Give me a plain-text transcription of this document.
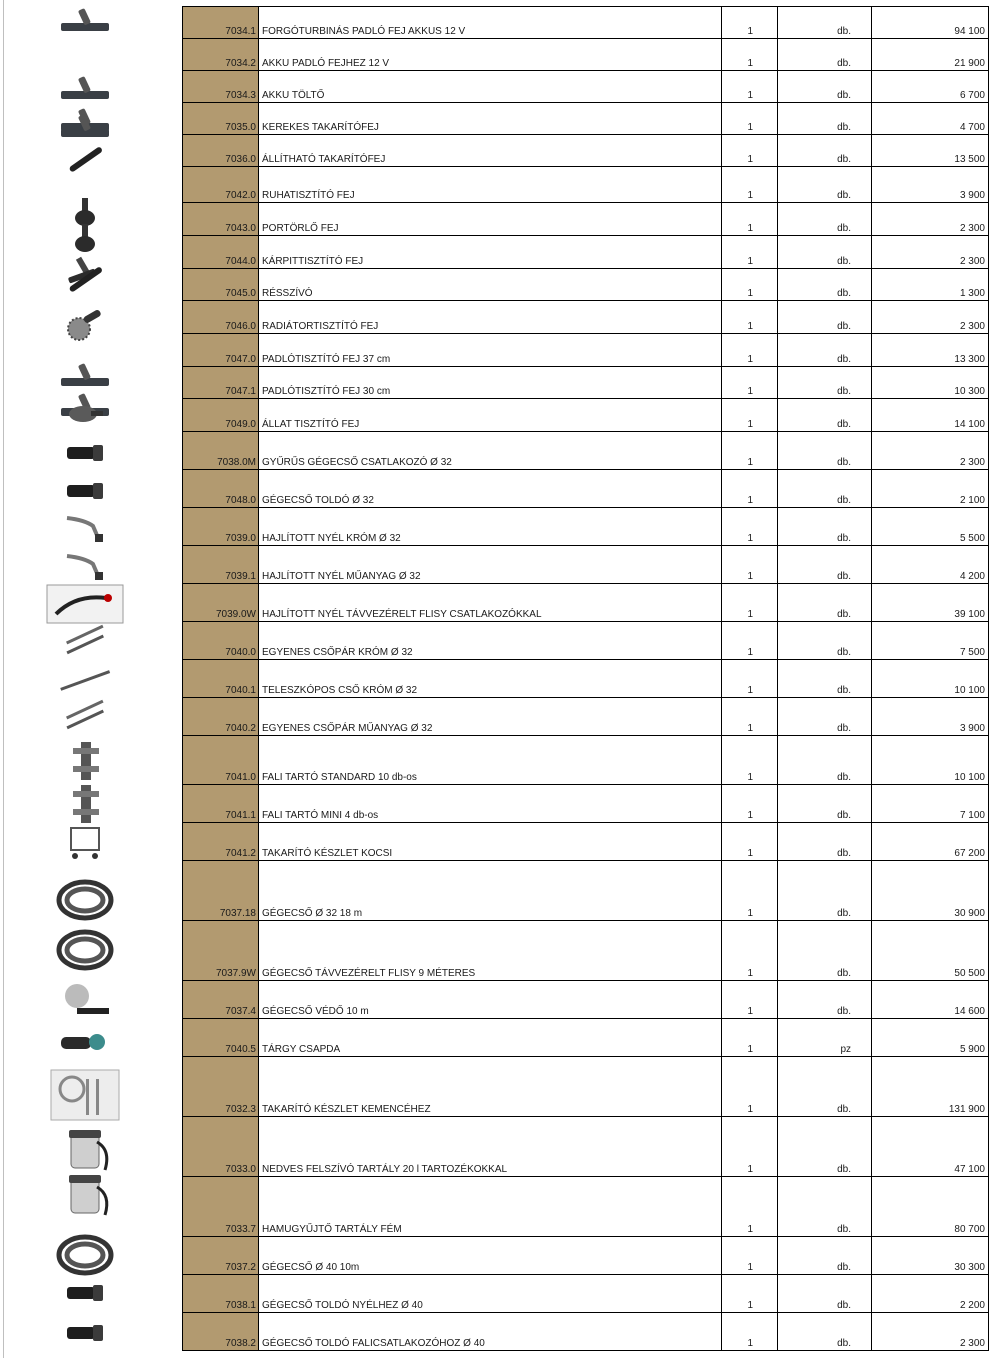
7034.1	FORGÓTURBINÁS PADLÓ FEJ AKKUS 12 V	1	db.	94 100
7034.2	AKKU PADLÓ FEJHEZ 12 V	1	db.	21 900
7034.3	AKKU TÖLTŐ	1	db.	6 700
7035.0	KEREKES TAKARÍTÓFEJ	1	db.	4 700
7036.0	ÁLLÍTHATÓ TAKARÍTÓFEJ	1	db.	13 500
7042.0	RUHATISZTÍTÓ FEJ	1	db.	3 900
7043.0	PORTÖRLŐ FEJ	1	db.	2 300
7044.0	KÁRPITTISZTÍTÓ FEJ	1	db.	2 300
7045.0	RÉSSZÍVÓ	1	db.	1 300
7046.0	RADIÁTORTISZTÍTÓ FEJ	1	db.	2 300
7047.0	PADLÓTISZTÍTÓ FEJ 37 cm	1	db.	13 300
7047.1	PADLÓTISZTÍTÓ FEJ 30 cm	1	db.	10 300
7049.0	ÁLLAT TISZTÍTÓ FEJ	1	db.	14 100
7038.0M	GYŰRŰS GÉGECSŐ CSATLAKOZÓ Ø 32	1	db.	2 300
7048.0	GÉGECSŐ TOLDÓ Ø 32	1	db.	2 100
7039.0	HAJLÍTOTT NYÉL KRÓM Ø 32	1	db.	5 500
7039.1	HAJLÍTOTT NYÉL MŰANYAG Ø 32	1	db.	4 200
7039.0W	HAJLÍTOTT NYÉL TÁVVEZÉRELT FLISY CSATLAKOZÓKKAL	1	db.	39 100
7040.0	EGYENES CSŐPÁR KRÓM Ø 32	1	db.	7 500
7040.1	TELESZKÓPOS CSŐ KRÓM Ø 32	1	db.	10 100
7040.2	EGYENES CSŐPÁR MŰANYAG Ø 32	1	db.	3 900
7041.0	FALI TARTÓ STANDARD 10 db-os	1	db.	10 100
7041.1	FALI TARTÓ MINI 4 db-os	1	db.	7 100
7041.2	TAKARÍTÓ KÉSZLET KOCSI	1	db.	67 200
7037.18	GÉGECSŐ Ø 32 18 m	1	db.	30 900
7037.9W	GÉGECSŐ TÁVVEZÉRELT FLISY 9 MÉTERES	1	db.	50 500
7037.4	GÉGECSŐ VÉDŐ 10 m	1	db.	14 600
7040.5	TÁRGY CSAPDA	1	pz	5 900
7032.3	TAKARÍTÓ KÉSZLET KEMENCÉHEZ	1	db.	131 900
7033.0	NEDVES FELSZÍVÓ TARTÁLY 20 l TARTOZÉKOKKAL	1	db.	47 100
7033.7	HAMUGYŰJTŐ TARTÁLY FÉM	1	db.	80 700
7037.2	GÉGECSŐ Ø 40 10m	1	db.	30 300
7038.1	GÉGECSŐ TOLDÓ NYÉLHEZ Ø 40	1	db.	2 200
7038.2	GÉGECSŐ TOLDÓ FALICSATLAKOZÓHOZ Ø 40	1	db.	2 300
